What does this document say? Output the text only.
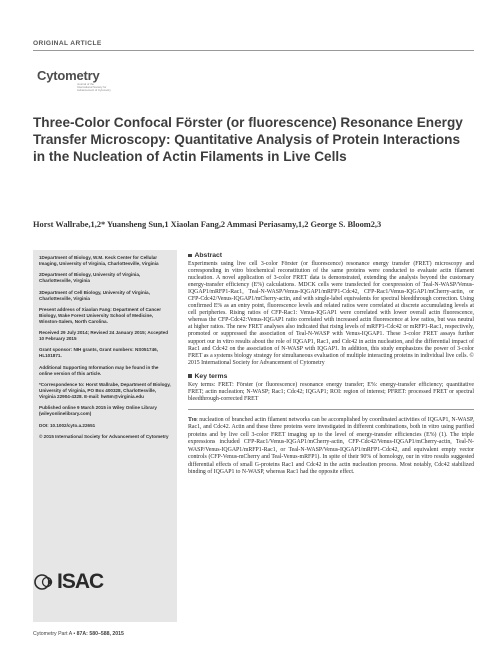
ORIGINAL ARTICLE
Cytometry
Journal of the
International Society for
Advancement of Cytometry
Three-Color Confocal Förster (or fluorescence) Resonance Energy Transfer Microscopy: Quantitative Analysis of Protein Interactions in the Nucleation of Actin Filaments in Live Cells
Horst Wallrabe,1,2* Yuansheng Sun,1 Xiaolan Fang,2 Ammasi Periasamy,1,2 George S. Bloom2,3
1Department of Biology, W.M. Keck Center for Cellular Imaging, University of Virginia, Charlottesville, Virginia
2Department of Biology, University of Virginia, Charlottesville, Virginia
3Department of Cell Biology, University of Virginia, Charlottesville, Virginia
Present address of Xiaolan Fang: Department of Cancer Biology, Wake Forest University School of Medicine, Winston-Salem, North Carolina.
Received 29 July 2014; Revised 24 January 2015; Accepted 10 February 2015
Grant sponsor: NIH grants, Grant numbers: NS051746, HL101871.
Additional Supporting Information may be found in the online version of this article.
*Correspondence to: Horst Wallrabe, Department of Biology, University of Virginia, PO Box 400328, Charlottesville, Virginia 22904-4328. E-mail: hw5m@virginia.edu
Published online 9 March 2015 in Wiley Online Library (wileyonlinelibrary.com)
DOI: 10.1002/cyto.a.22651
© 2015 International Society for Advancement of Cytometry
ISAC
Abstract
Experiments using live cell 3-color Förster (or fluorescence) resonance energy transfer (FRET) microscopy and corresponding in vitro biochemical reconstitution of the same proteins were conducted to evaluate actin filament nucleation. A novel application of 3-color FRET data is demonstrated, extending the analysis beyond the customary energy-transfer efficiency (E%) calculations. MDCK cells were transfected for coexpression of Teal-N-WASP/Venus-IQGAP1/mRFP1-Rac1, Teal-N-WASP/Venus-IQGAP1/mRFP1-Cdc42, CFP-Rac1/Venus-IQGAP1/mCherry-actin, or CFP-Cdc42/Venus-IQGAP1/mCherry-actin, and with single-label equivalents for spectral bleedthrough correction. Using confirmed E% as an entry point, fluorescence levels and related ratios were correlated at discrete accumulating levels at cell peripheries. Rising ratios of CFP-Rac1: Venus-IQGAP1 were correlated with lower overall actin fluorescence, whereas the CFP-Cdc42:Venus-IQGAP1 ratio correlated with increased actin fluorescence at low ratios, but was neutral at higher ratios. The new FRET analyses also indicated that rising levels of mRFP1-Cdc42 or mRFP1-Rac1, respectively, promoted or suppressed the association of Teal-N-WASP with Venus-IQGAP1. These 3-color FRET assays further support our in vitro results about the role of IQGAP1, Rac1, and Cdc42 in actin nucleation, and the differential impact of Rac1 and Cdc42 on the association of N-WASP with IQGAP1. In addition, this study emphasizes the power of 3-color FRET as a systems biology strategy for simultaneous evaluation of multiple interacting proteins in individual live cells. © 2015 International Society for Advancement of Cytometry
Key terms
Key terms: FRET: Förster (or fluorescence) resonance energy transfer; E%: energy-transfer efficiency; quantitative FRET; actin nucleation; N-WASP; Rac1; Cdc42; IQGAP1; ROI: region of interest; PFRET: processed FRET or spectral bleedthrough-corrected FRET
The nucleation of branched actin filament networks can be accomplished by coordinated activities of IQGAP1, N-WASP, Rac1, and Cdc42. Actin and these three proteins were investigated in different combinations, both in vitro using purified proteins and by live cell 3-color FRET imaging up to the level of energy-transfer efficiencies (E%) (1). The triple expressions included CFP-Rac1/Venus-IQGAP1/mCherry-actin, CFP-Cdc42/Venus-IQGAP1/mCherry-actin, Teal-N-WASP/Venus-IQGAP1/mRFP1-Rac1, or Teal-N-WASP/Venus-IQGAP1/mRFP1-Cdc42, and equivalent empty vector controls (CFP-Venus-mCherry and Teal-Venus-mRFP1). In spite of their 90% of homology, our in vitro results suggested differential effects of small G-proteins Rac1 and Cdc42 in the actin nucleation process. Most notably, Cdc42 stabilized binding of IQGAP1 to N-WASP, whereas Rac1 had the opposite effect.
Cytometry Part A • 87A: 580–588, 2015
